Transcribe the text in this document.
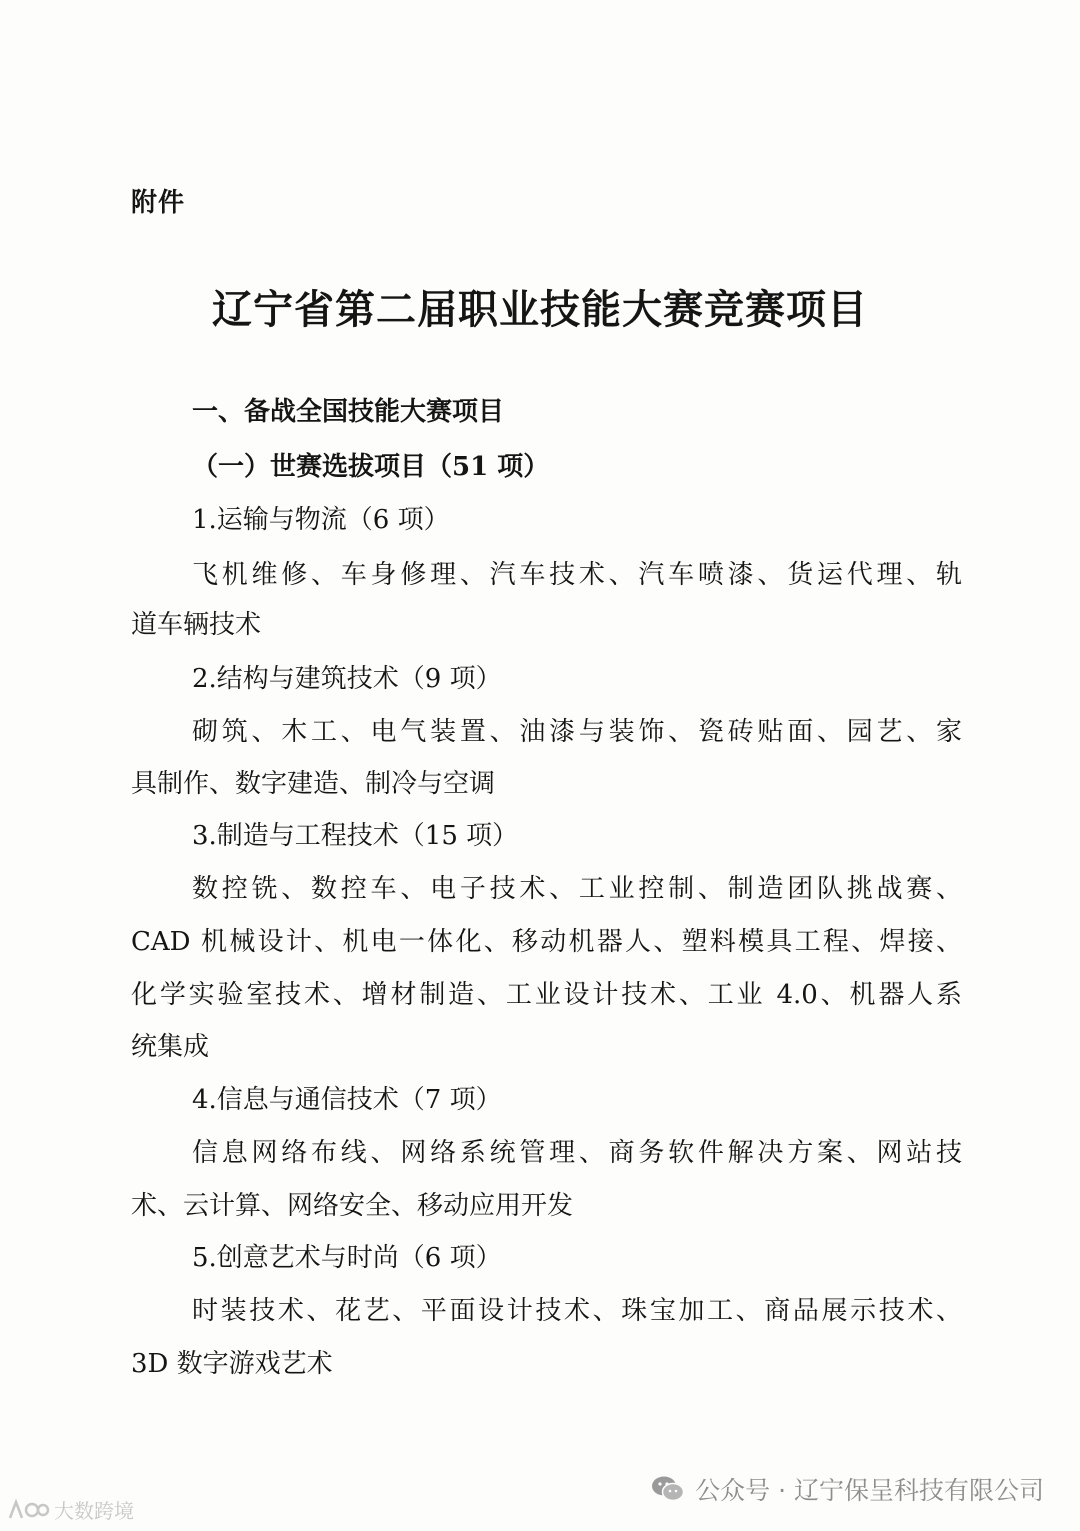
附件
辽宁省第二届职业技能大赛竞赛项目
一、备战全国技能大赛项目
（一）世赛选拔项目（51 项）
1.运输与物流（6 项）
飞机维修、车身修理、汽车技术、汽车喷漆、货运代理、轨
道车辆技术
2.结构与建筑技术（9 项）
砌筑、木工、电气装置、油漆与装饰、瓷砖贴面、园艺、家
具制作、数字建造、制冷与空调
3.制造与工程技术（15 项）
数控铣、数控车、电子技术、工业控制、制造团队挑战赛、
CAD 机械设计、机电一体化、移动机器人、塑料模具工程、焊接、
化学实验室技术、增材制造、工业设计技术、工业 4.0、机器人系
统集成
4.信息与通信技术（7 项）
信息网络布线、网络系统管理、商务软件解决方案、网站技
术、云计算、网络安全、移动应用开发
5.创意艺术与时尚（6 项）
时装技术、花艺、平面设计技术、珠宝加工、商品展示技术、
3D 数字游戏艺术
公众号 · 辽宁保呈科技有限公司
大数跨境
